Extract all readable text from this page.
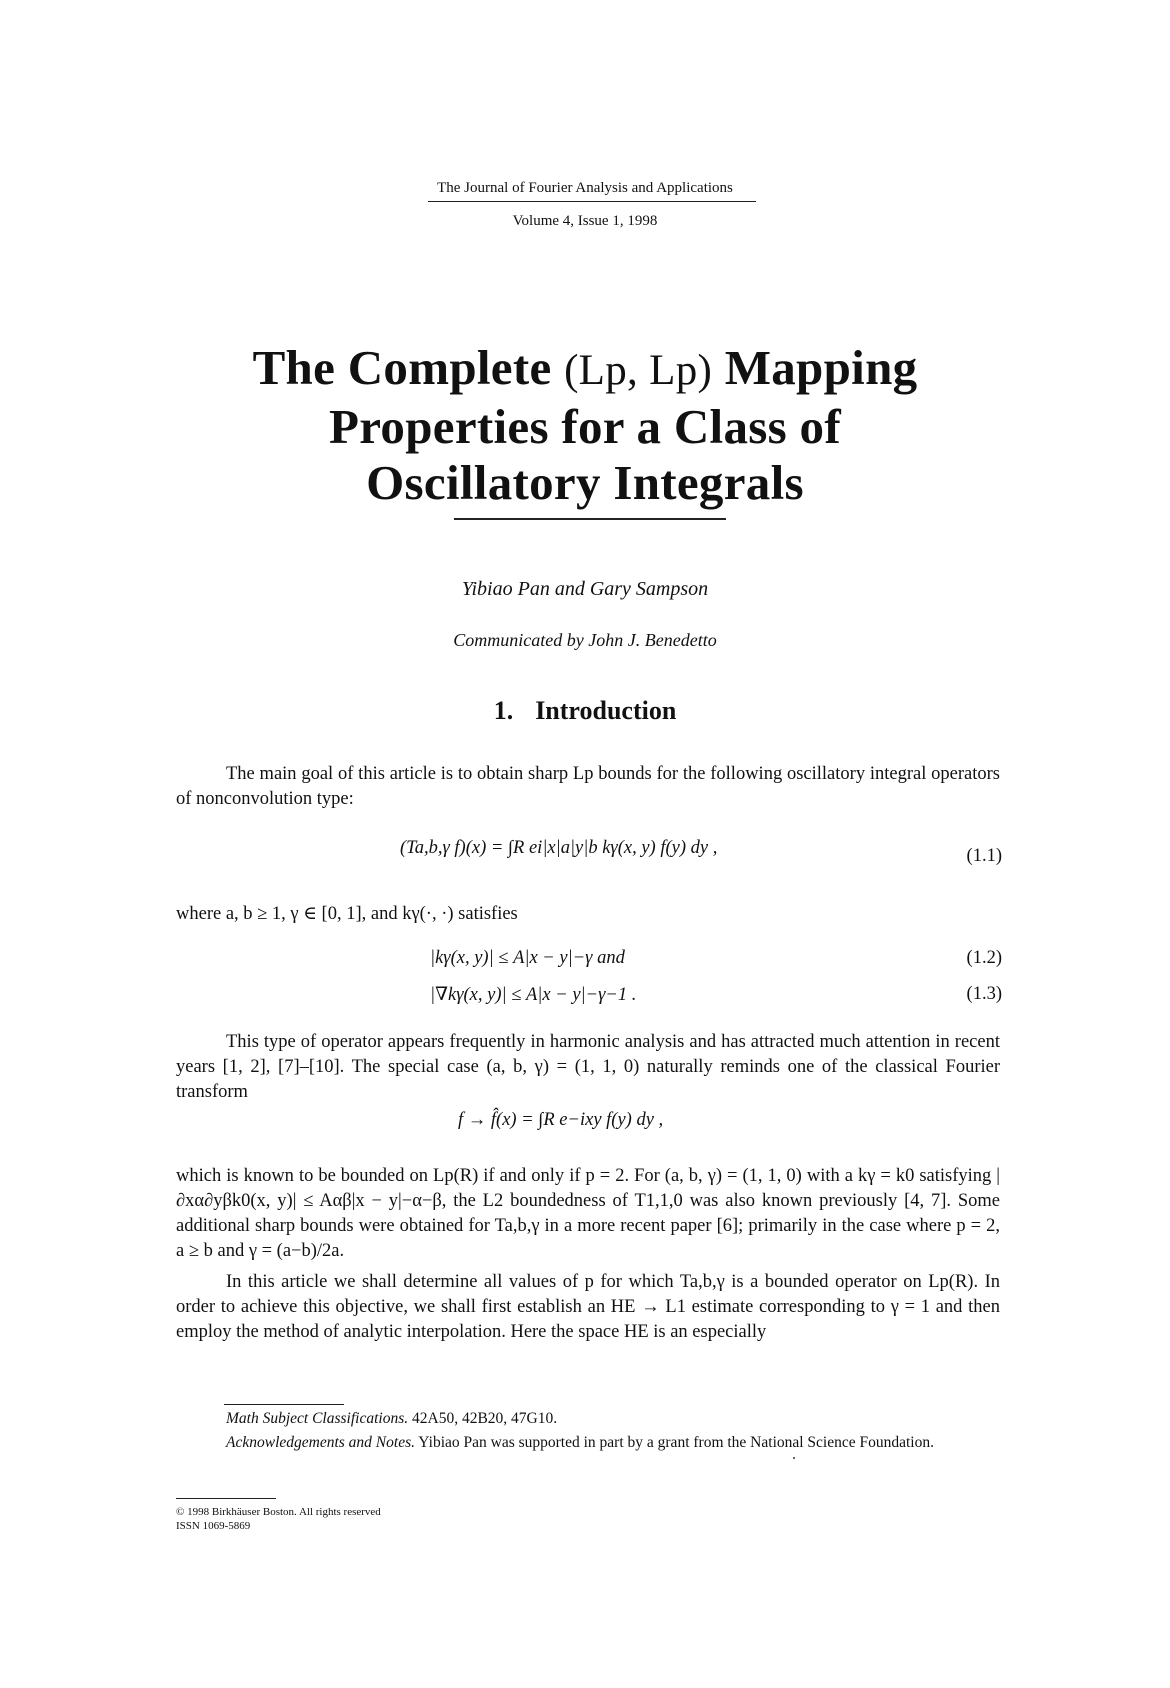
The Journal of Fourier Analysis and Applications
Volume 4, Issue 1, 1998
The Complete (Lp, Lp) Mapping
Properties for a Class of
Oscillatory Integrals
Yibiao Pan and Gary Sampson
Communicated by John J. Benedetto
1. Introduction
The main goal of this article is to obtain sharp Lp bounds for the following oscillatory integral operators of nonconvolution type:
(Ta,b,γ f)(x) = ∫R ei|x|a|y|b kγ(x, y) f(y) dy ,	(1.1)
where a, b ≥ 1, γ ∈ [0, 1], and kγ(·, ·) satisfies
|kγ(x, y)| ≤ A|x − y|−γ and	(1.2)
|∇kγ(x, y)| ≤ A|x − y|−γ−1 .	(1.3)
This type of operator appears frequently in harmonic analysis and has attracted much attention in recent years [1, 2], [7]–[10]. The special case (a, b, γ) = (1, 1, 0) naturally reminds one of the classical Fourier transform
f → f̂(x) = ∫R e−ixy f(y) dy ,
which is known to be bounded on Lp(R) if and only if p = 2. For (a, b, γ) = (1, 1, 0) with a kγ = k0 satisfying |∂xα∂yβk0(x, y)| ≤ Aαβ|x − y|−α−β, the L2 boundedness of T1,1,0 was also known previously [4, 7]. Some additional sharp bounds were obtained for Ta,b,γ in a more recent paper [6]; primarily in the case where p = 2, a ≥ b and γ = (a−b)/2a.
In this article we shall determine all values of p for which Ta,b,γ is a bounded operator on Lp(R). In order to achieve this objective, we shall first establish an HE → L1 estimate corresponding to γ = 1 and then employ the method of analytic interpolation. Here the space HE is an especially
Math Subject Classifications. 42A50, 42B20, 47G10.
Acknowledgements and Notes. Yibiao Pan was supported in part by a grant from the National Science Foundation.
© 1998 Birkhäuser Boston. All rights reserved
ISSN 1069-5869
